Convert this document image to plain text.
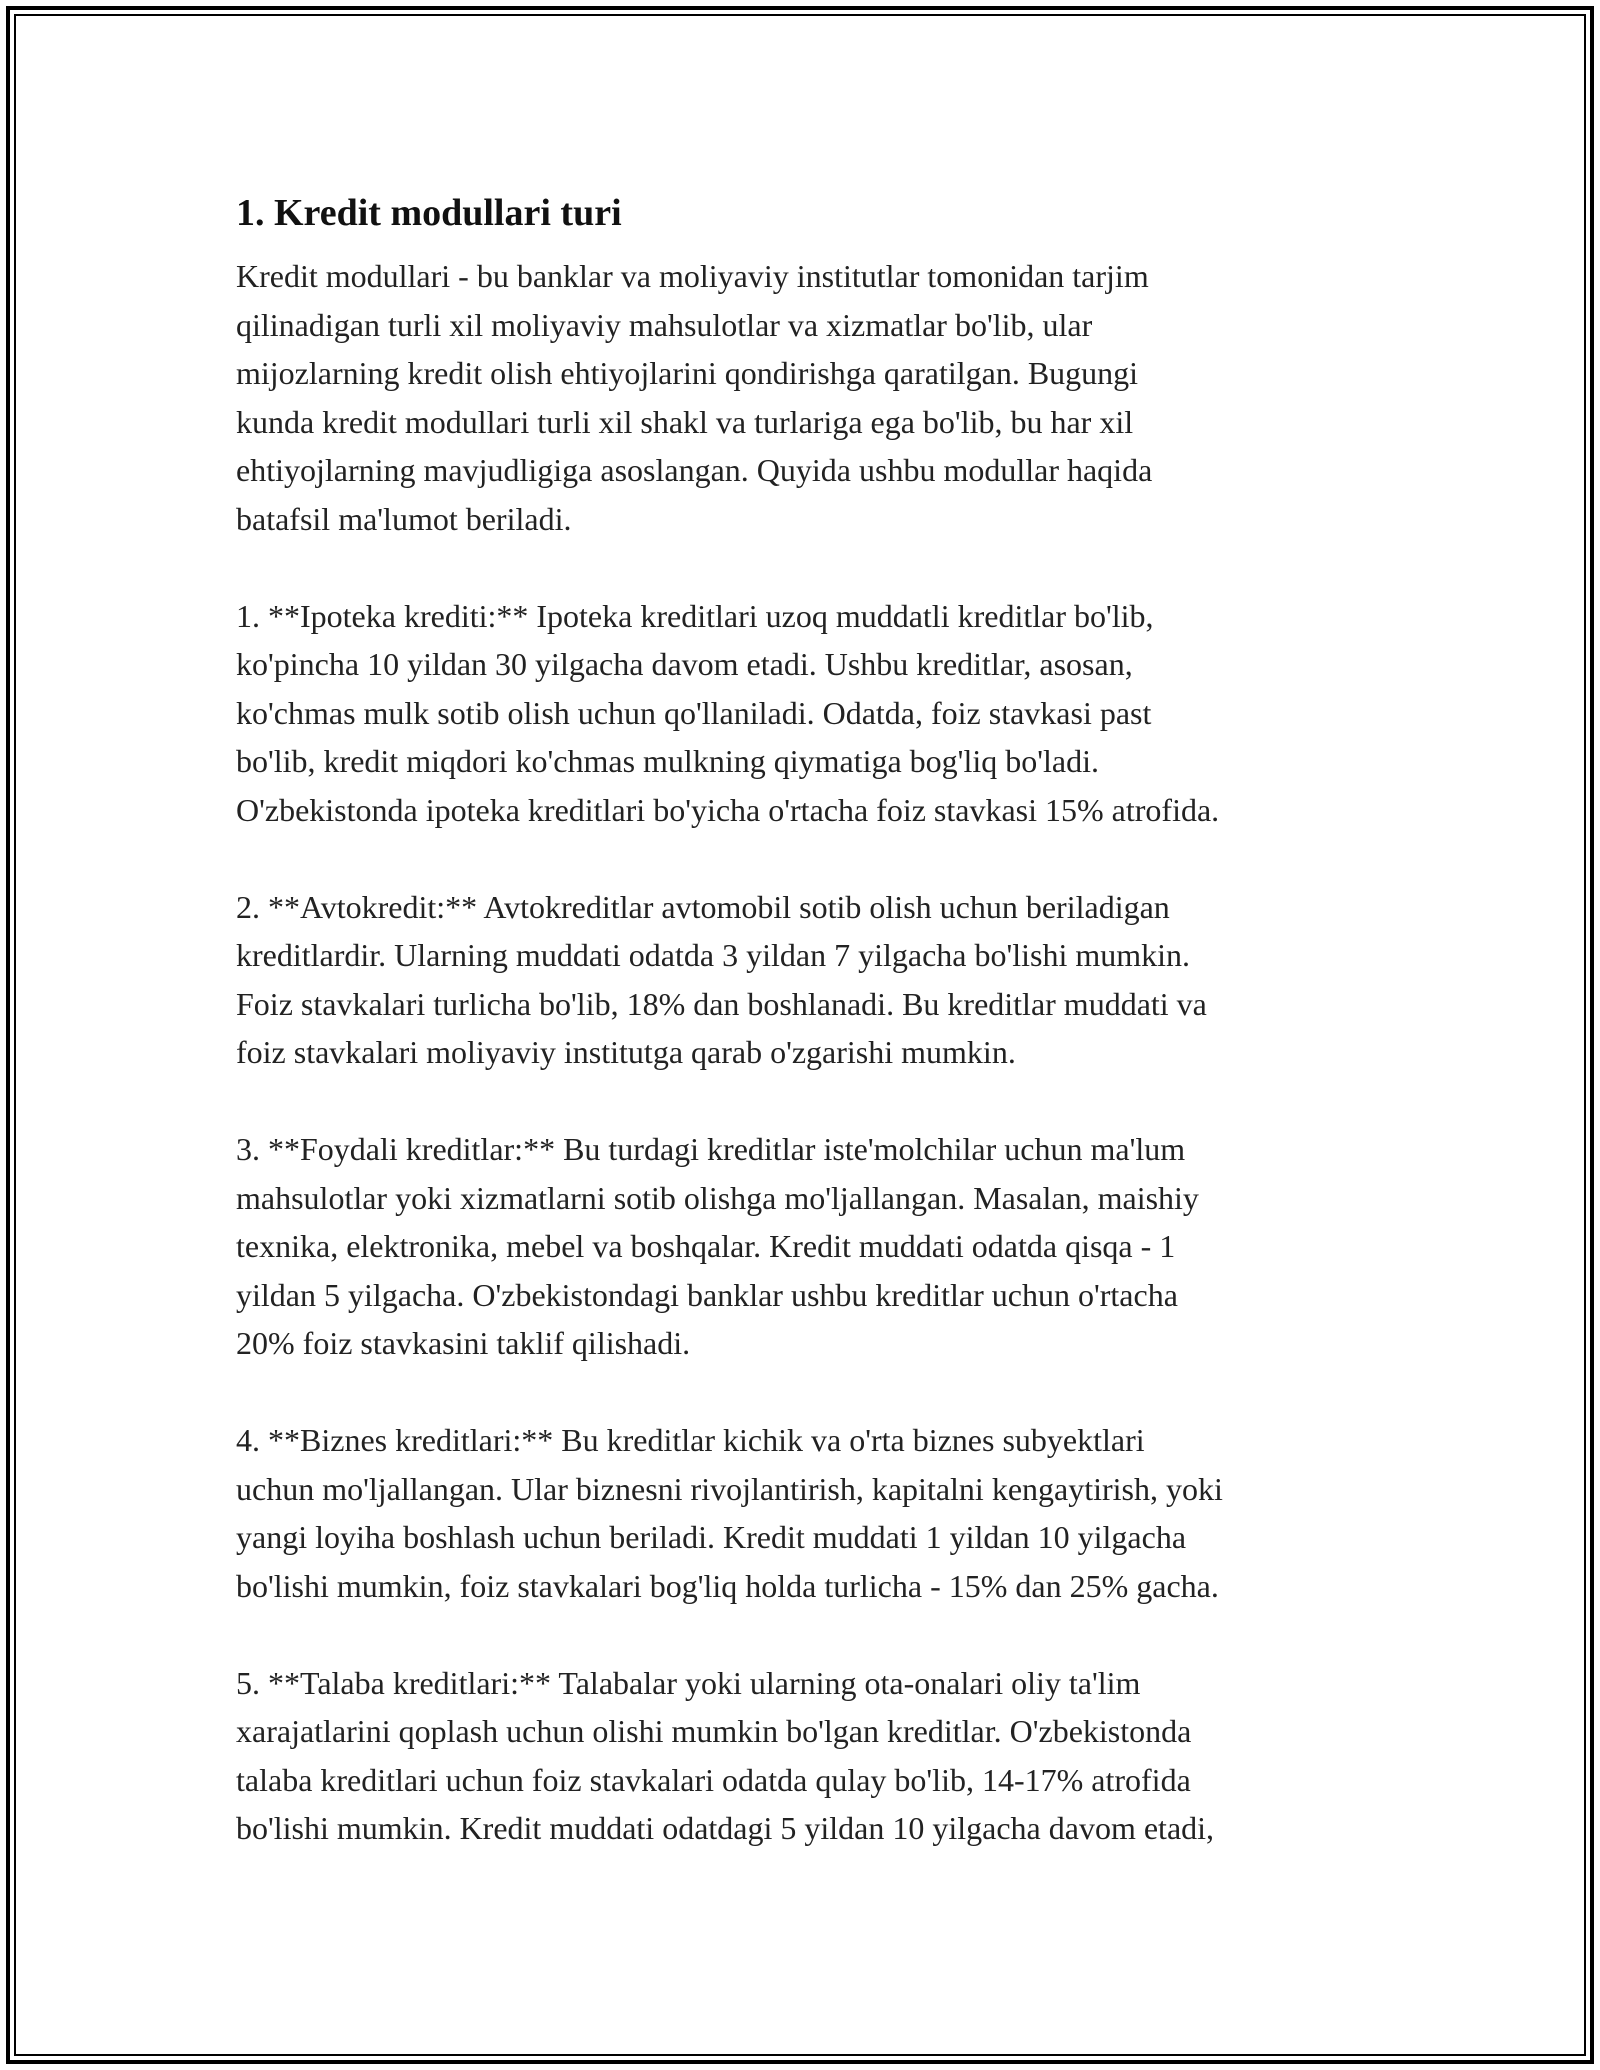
1. Kredit modullari turi
Kredit modullari - bu banklar va moliyaviy institutlar tomonidan tarjim
qilinadigan turli xil moliyaviy mahsulotlar va xizmatlar bo'lib, ular
mijozlarning kredit olish ehtiyojlarini qondirishga qaratilgan. Bugungi
kunda kredit modullari turli xil shakl va turlariga ega bo'lib, bu har xil
ehtiyojlarning mavjudligiga asoslangan. Quyida ushbu modullar haqida
batafsil ma'lumot beriladi.
1. **Ipoteka krediti:** Ipoteka kreditlari uzoq muddatli kreditlar bo'lib,
ko'pincha 10 yildan 30 yilgacha davom etadi. Ushbu kreditlar, asosan,
ko'chmas mulk sotib olish uchun qo'llaniladi. Odatda, foiz stavkasi past
bo'lib, kredit miqdori ko'chmas mulkning qiymatiga bog'liq bo'ladi.
O'zbekistonda ipoteka kreditlari bo'yicha o'rtacha foiz stavkasi 15% atrofida.
2. **Avtokredit:** Avtokreditlar avtomobil sotib olish uchun beriladigan
kreditlardir. Ularning muddati odatda 3 yildan 7 yilgacha bo'lishi mumkin.
Foiz stavkalari turlicha bo'lib, 18% dan boshlanadi. Bu kreditlar muddati va
foiz stavkalari moliyaviy institutga qarab o'zgarishi mumkin.
3. **Foydali kreditlar:** Bu turdagi kreditlar iste'molchilar uchun ma'lum
mahsulotlar yoki xizmatlarni sotib olishga mo'ljallangan. Masalan, maishiy
texnika, elektronika, mebel va boshqalar. Kredit muddati odatda qisqa - 1
yildan 5 yilgacha. O'zbekistondagi banklar ushbu kreditlar uchun o'rtacha
20% foiz stavkasini taklif qilishadi.
4. **Biznes kreditlari:** Bu kreditlar kichik va o'rta biznes subyektlari
uchun mo'ljallangan. Ular biznesni rivojlantirish, kapitalni kengaytirish, yoki
yangi loyiha boshlash uchun beriladi. Kredit muddati 1 yildan 10 yilgacha
bo'lishi mumkin, foiz stavkalari bog'liq holda turlicha - 15% dan 25% gacha.
5. **Talaba kreditlari:** Talabalar yoki ularning ota-onalari oliy ta'lim
xarajatlarini qoplash uchun olishi mumkin bo'lgan kreditlar. O'zbekistonda
talaba kreditlari uchun foiz stavkalari odatda qulay bo'lib, 14-17% atrofida
bo'lishi mumkin. Kredit muddati odatdagi 5 yildan 10 yilgacha davom etadi,
